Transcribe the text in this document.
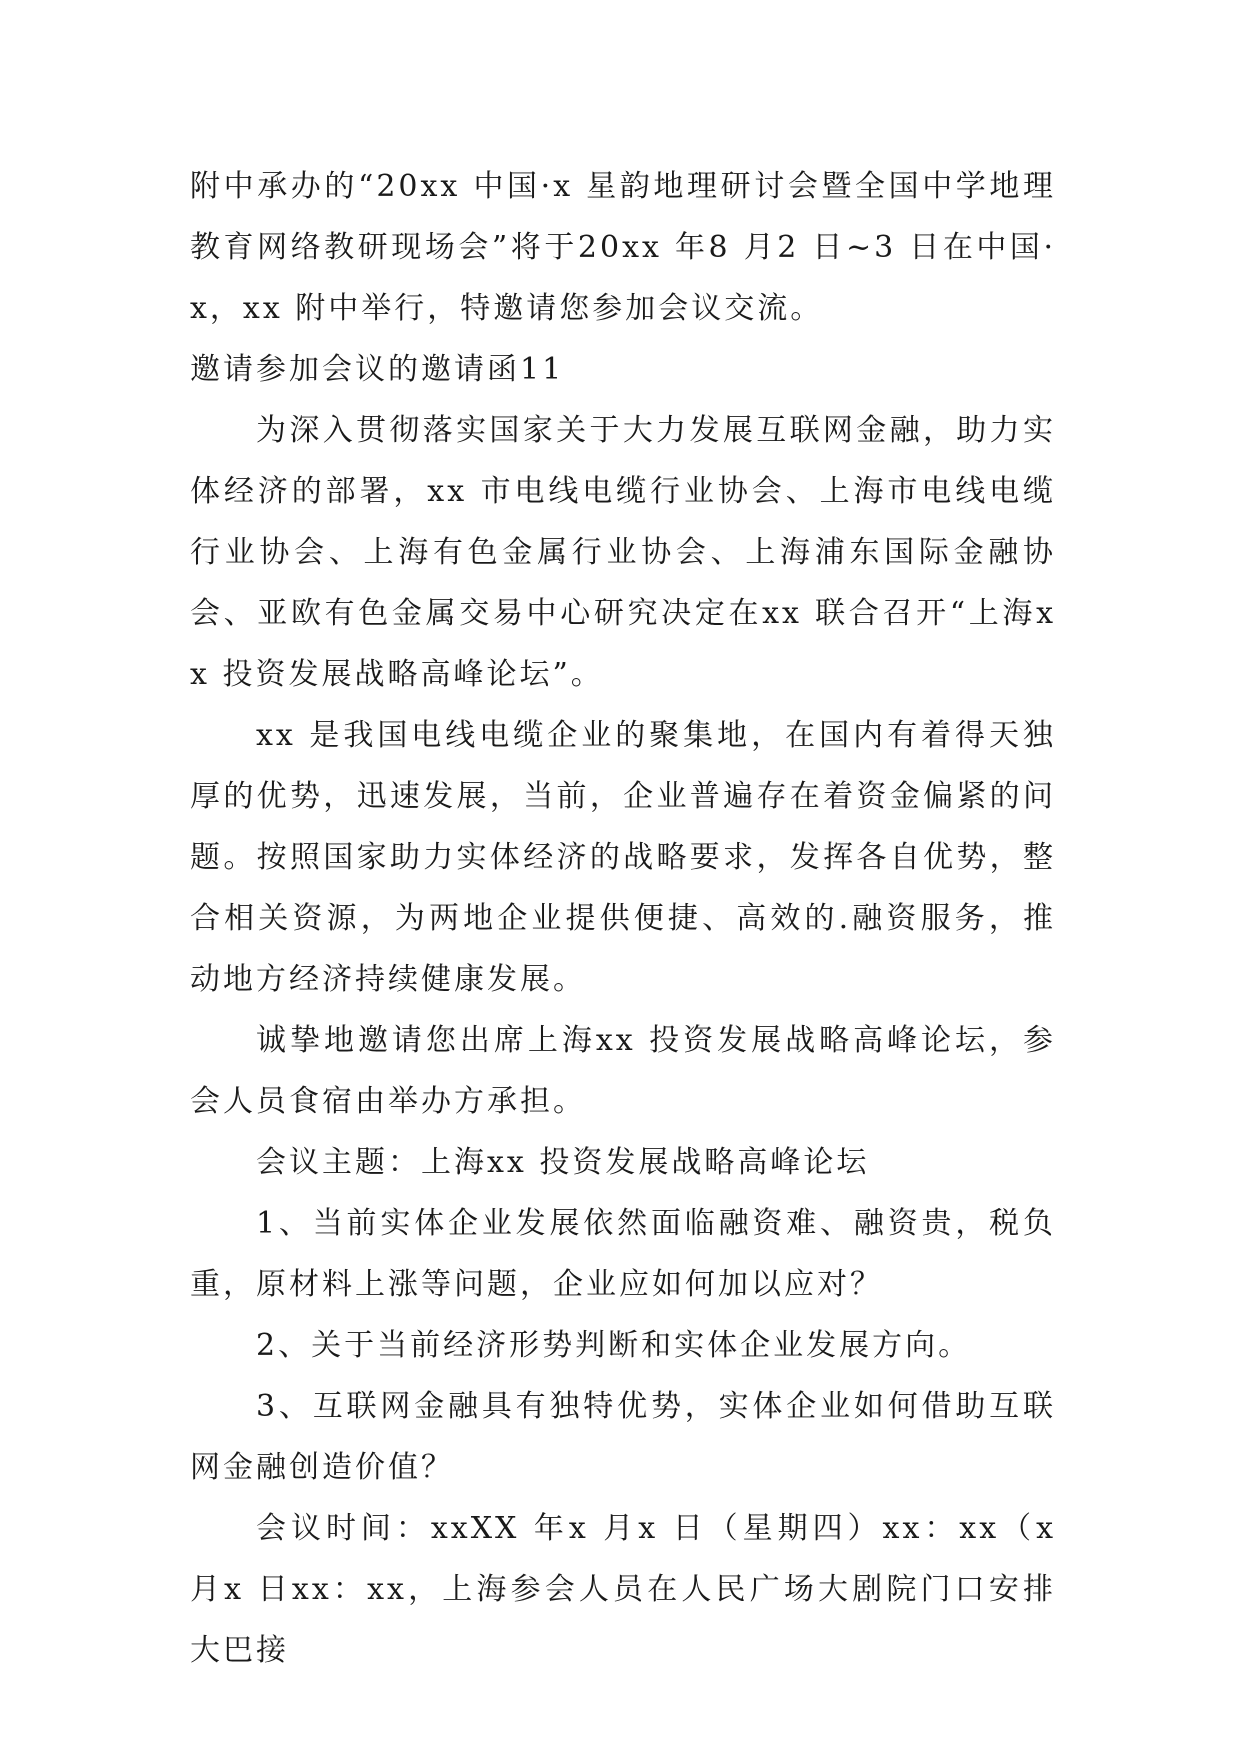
附中承办的“20xx 中国·x 星韵地理研讨会暨全国中学地理教育网络教研现场会”将于20xx 年8 月2 日~3 日在中国·x，xx 附中举行，特邀请您参加会议交流。

邀请参加会议的邀请函11

为深入贯彻落实国家关于大力发展互联网金融，助力实体经济的部署，xx 市电线电缆行业协会、上海市电线电缆行业协会、上海有色金属行业协会、上海浦东国际金融协会、亚欧有色金属交易中心研究决定在xx 联合召开“上海xx 投资发展战略高峰论坛”。

xx 是我国电线电缆企业的聚集地，在国内有着得天独厚的优势，迅速发展，当前，企业普遍存在着资金偏紧的问题。按照国家助力实体经济的战略要求，发挥各自优势，整合相关资源，为两地企业提供便捷、高效的.融资服务，推动地方经济持续健康发展。

诚挚地邀请您出席上海xx 投资发展战略高峰论坛，参会人员食宿由举办方承担。

会议主题：上海xx 投资发展战略高峰论坛

1、当前实体企业发展依然面临融资难、融资贵，税负重，原材料上涨等问题，企业应如何加以应对？

2、关于当前经济形势判断和实体企业发展方向。

3、互联网金融具有独特优势，实体企业如何借助互联网金融创造价值？

会议时间：xxXX 年x 月x 日（星期四）xx：xx（x 月x 日xx：xx，上海参会人员在人民广场大剧院门口安排大巴接
